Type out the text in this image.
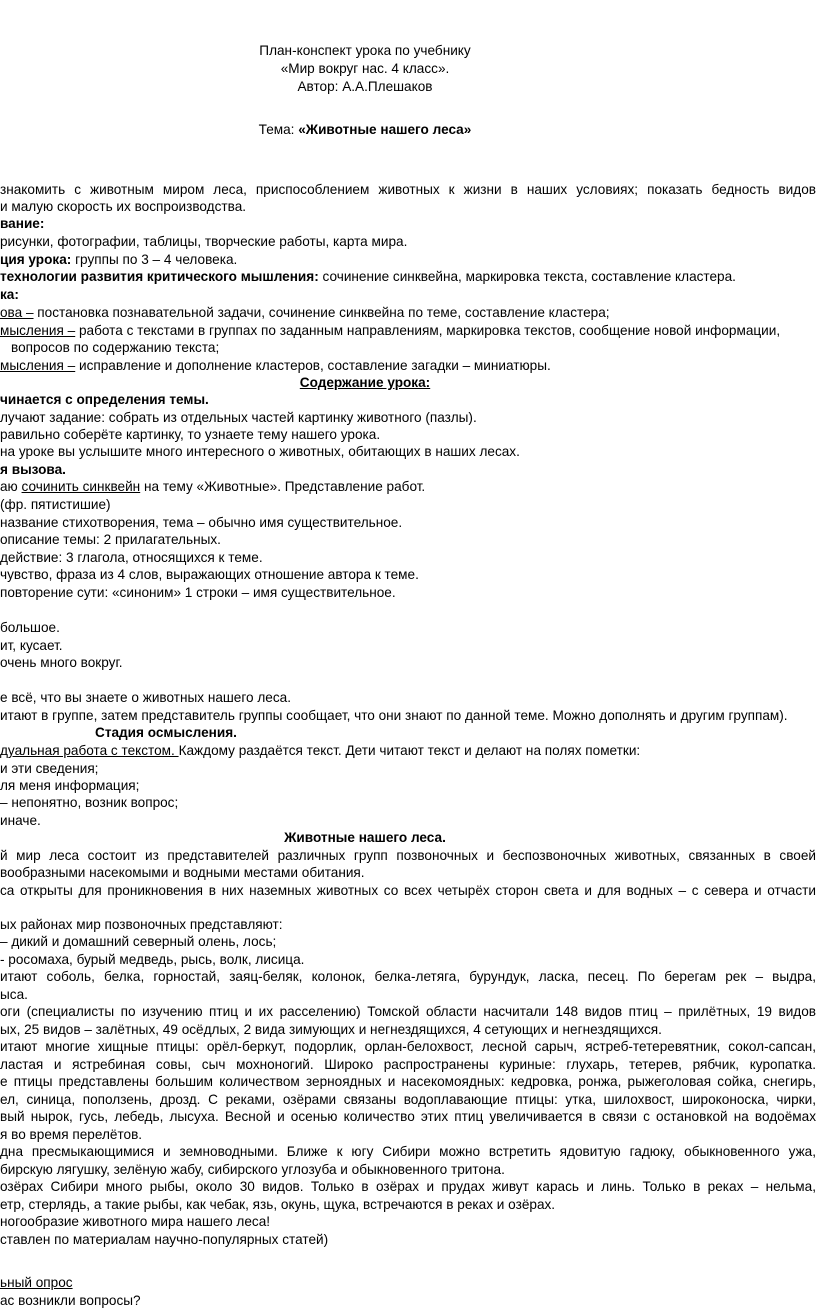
План-конспект урока по учебнику
«Мир вокруг нас. 4 класс».
Автор: А.А.Плешаков
Тема: «Животные нашего леса»
знакомить с животным миром леса, приспособлением животных к жизни в наших условиях; показать бедность видов
и малую скорость их воспроизводства.
вание:
рисунки, фотографии, таблицы, творческие работы, карта мира.
ция урока: группы по 3 – 4 человека.
технологии развития критического мышления: сочинение синквейна, маркировка текста, составление кластера.
ка:
ова – постановка познавательной задачи, сочинение синквейна по теме, составление кластера;
мысления – работа с текстами в группах по заданным направлениям, маркировка текстов, сообщение новой информации,
вопросов по содержанию текста;
мысления – исправление и дополнение кластеров, составление загадки – миниатюры.
Содержание урока:
чинается с определения темы.
лучают задание: собрать из отдельных частей картинку животного (пазлы).
равильно соберёте картинку, то узнаете тему нашего урока.
на уроке вы услышите много интересного о животных, обитающих в наших лесах.
я вызова.
аю сочинить синквейн на тему «Животные». Представление работ.
(фр. пятистишие)
название стихотворения, тема – обычно имя существительное.
описание темы: 2 прилагательных.
действие: 3 глагола, относящихся к теме.
чувство, фраза из 4 слов, выражающих отношение автора к теме.
повторение сути: «синоним» 1 строки – имя существительное.
большое.
ит, кусает.
очень много вокруг.
е всё, что вы знаете о животных нашего леса.
итают в группе, затем представитель группы сообщает, что они знают по данной теме. Можно дополнять и другим группам).
Стадия осмысления.
дуальная работа с текстом. Каждому раздаётся текст. Дети читают текст и делают на полях пометки:
и эти сведения;
ля меня информация;
– непонятно, возник вопрос;
иначе.
Животные нашего леса.
й мир леса состоит из представителей различных групп позвоночных и беспозвоночных животных, связанных в своей
вообразными насекомыми и водными местами обитания.
са открыты для проникновения в них наземных животных со всех четырёх сторон света и для водных – с севера и отчасти
ых районах мир позвоночных представляют:
– дикий и домашний северный олень, лось;
- росомаха, бурый медведь, рысь, волк, лисица.
итают соболь, белка, горностай, заяц-беляк, колонок, белка-летяга, бурундук, ласка, песец. По берегам рек – выдра,
ыса.
оги (специалисты по изучению птиц и их расселению) Томской области насчитали 148 видов птиц – прилётных, 19 видов
ых, 25 видов – залётных, 49 осёдлых, 2 вида зимующих и негнездящихся, 4 сетующих и негнездящихся.
итают многие хищные птицы: орёл-беркут, подорлик, орлан-белохвост, лесной сарыч, ястреб-тетеревятник, сокол-сапсан,
ластая и ястребиная совы, сыч мохноногий. Широко распространены куриные: глухарь, тетерев, рябчик, куропатка.
е птицы представлены большим количеством зерноядных и насекомоядных: кедровка, ронжа, рыжеголовая сойка, снегирь,
ел, синица, поползень, дрозд. С реками, озёрами связаны водоплавающие птицы: утка, шилохвост, широконоска, чирки,
вый нырок, гусь, лебедь, лысуха. Весной и осенью количество этих птиц увеличивается в связи с остановкой на водоёмах
я во время перелётов.
дна пресмыкающимися и земноводными. Ближе к югу Сибири можно встретить ядовитую гадюку, обыкновенного ужа,
бирскую лягушку, зелёную жабу, сибирского углозуба и обыкновенного тритона.
озёрах Сибири много рыбы, около 30 видов. Только в озёрах и прудах живут карась и линь. Только в реках – нельма,
етр, стерлядь, а такие рыбы, как чебак, язь, окунь, щука, встречаются в реках и озёрах.
ногообразие животного мира нашего леса!
ставлен по материалам научно-популярных статей)
ьный опрос
ас возникли вопросы?
